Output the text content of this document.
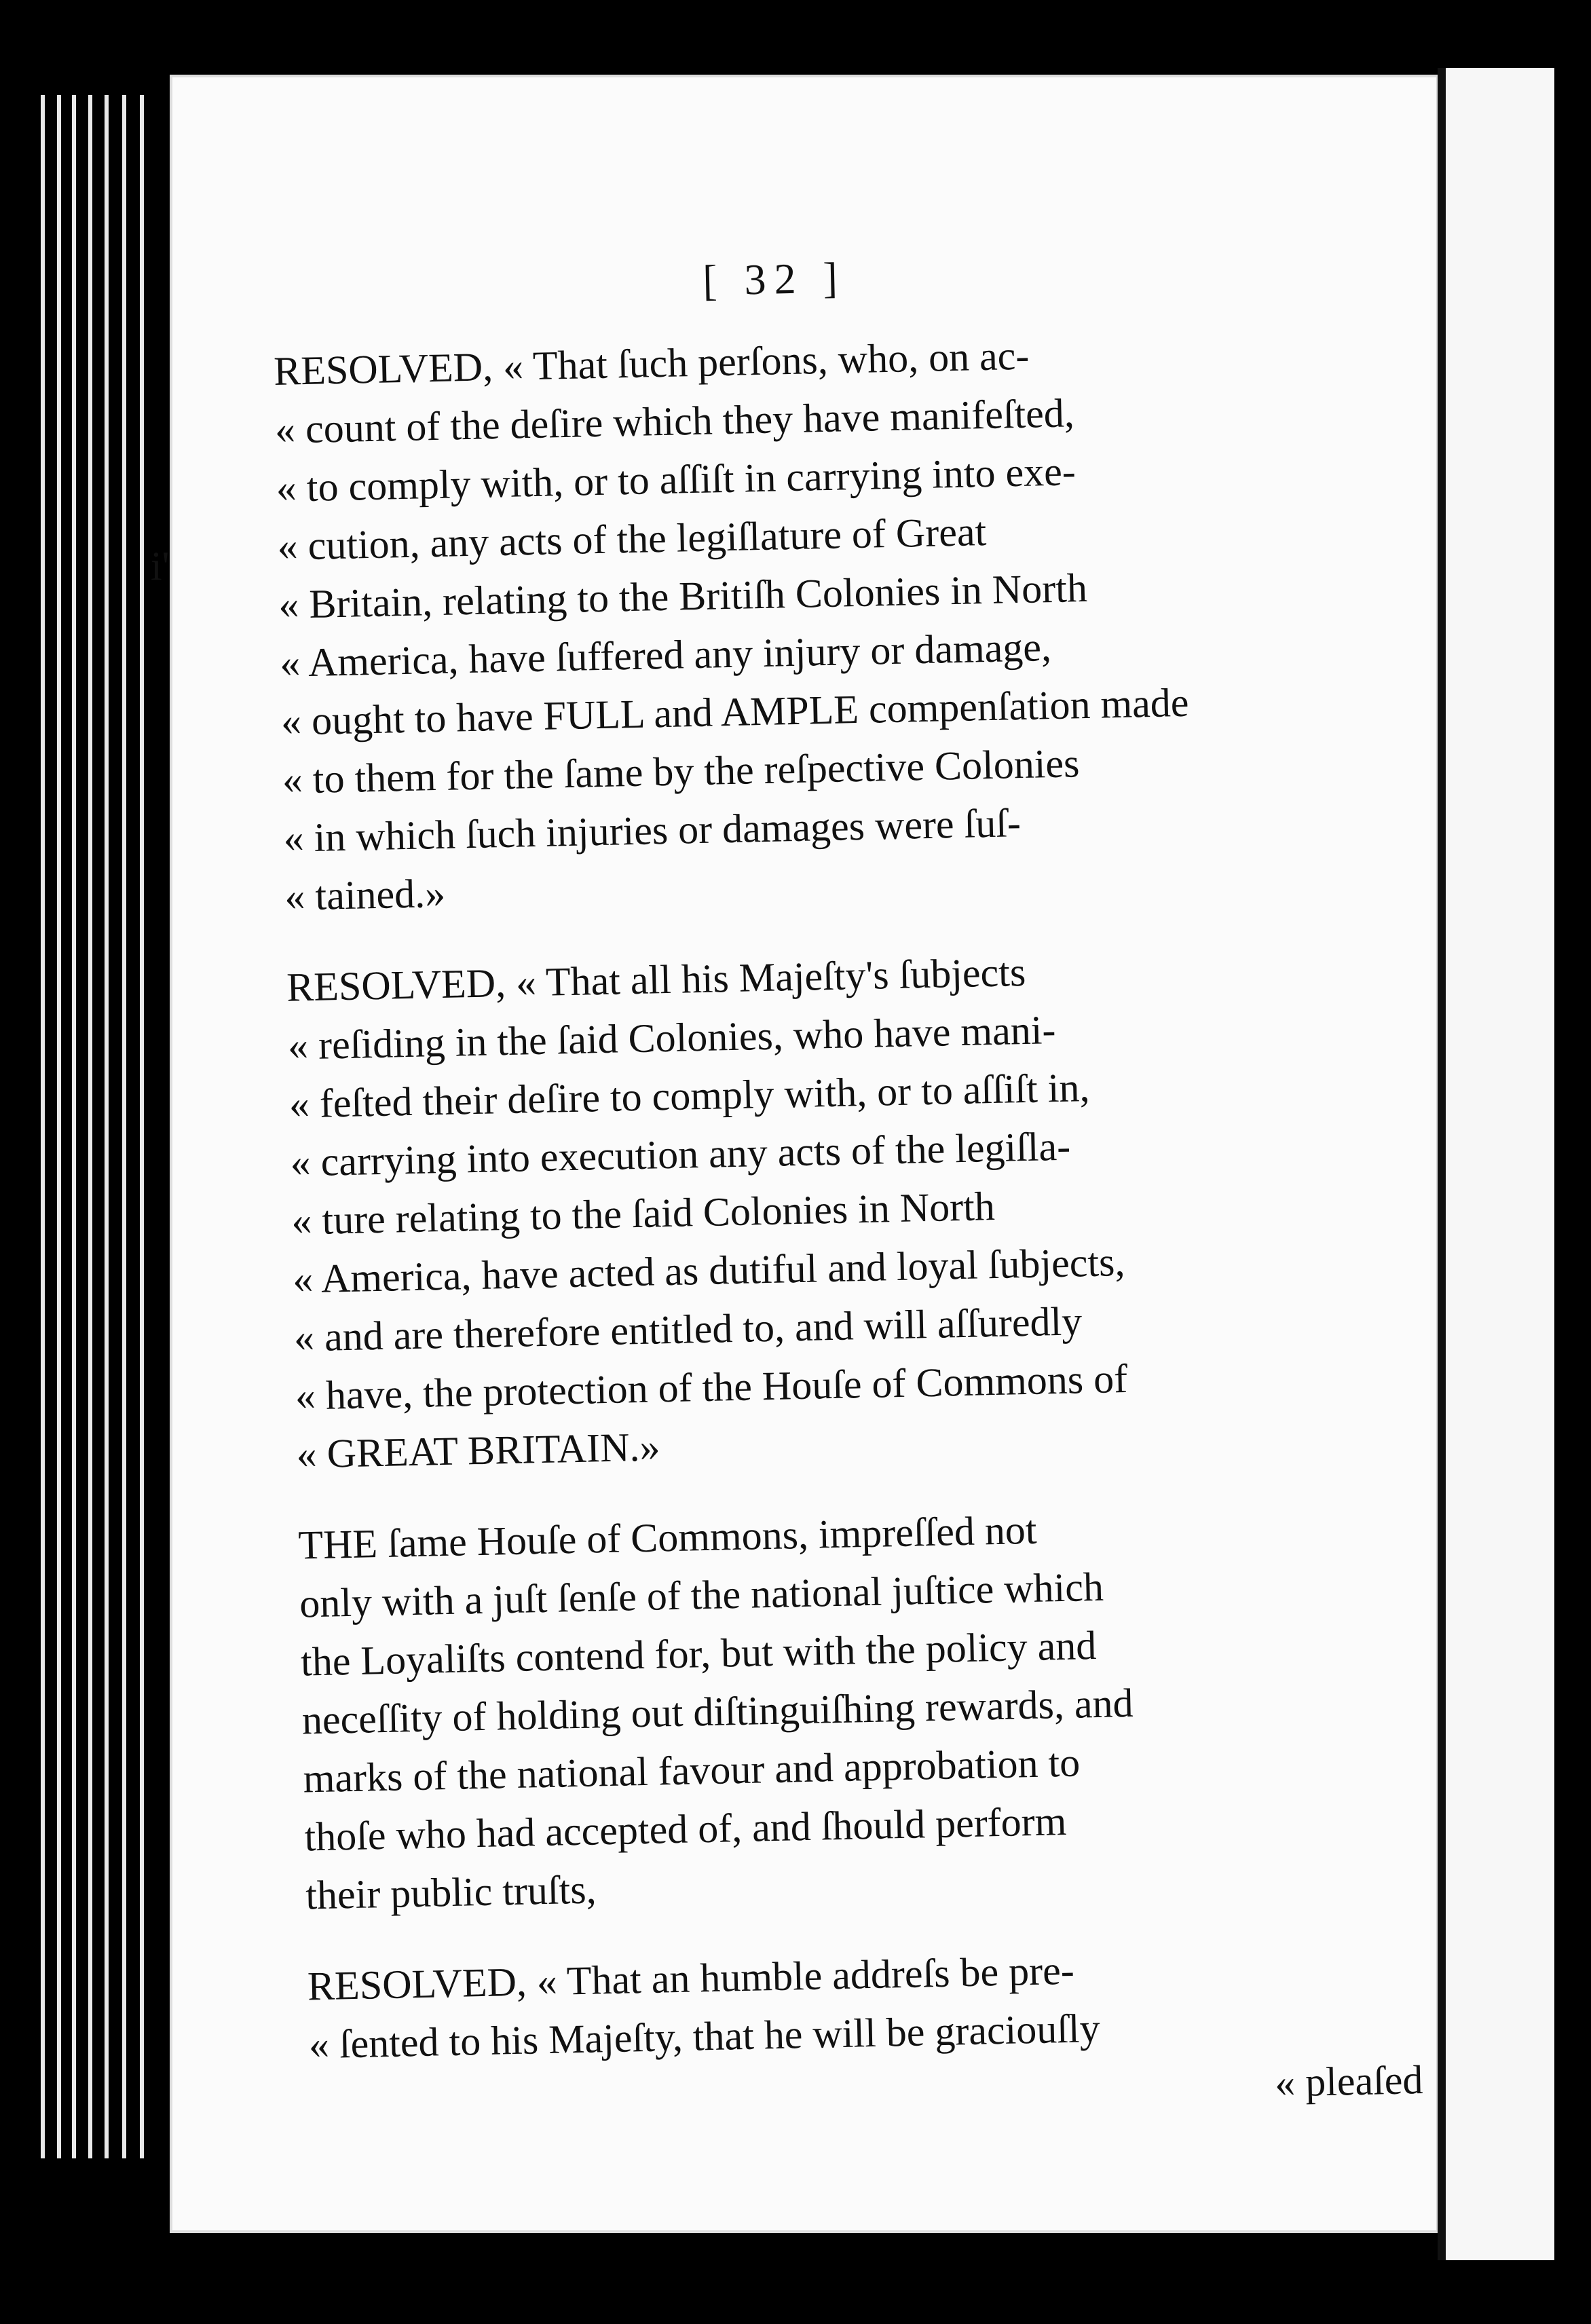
i'
[ 32 ]

RESOLVED, « That ſuch perſons, who, on ac-
« count of the deſire which they have manifeſted,
« to comply with, or to aſſiſt in carrying into exe-
« cution, any acts of the legiſlature of Great
« Britain, relating to the Britiſh Colonies in North
« America, have ſuffered any injury or damage,
« ought to have FULL and AMPLE compenſation made
« to them for the ſame by the reſpective Colonies
« in which ſuch injuries or damages were ſuſ-
« tained.»

RESOLVED, « That all his Majeſty's ſubjects
« reſiding in the ſaid Colonies, who have mani-
« feſted their deſire to comply with, or to aſſiſt in,
« carrying into execution any acts of the legiſla-
« ture relating to the ſaid Colonies in North
« America, have acted as dutiful and loyal ſubjects,
« and are therefore entitled to, and will aſſuredly
« have, the protection of the Houſe of Commons of
« GREAT BRITAIN.»

THE ſame Houſe of Commons, impreſſed not
only with a juſt ſenſe of the national juſtice which
the Loyaliſts contend for, but with the policy and
neceſſity of holding out diſtinguiſhing rewards, and
marks of the national favour and approbation to
thoſe who had accepted of, and ſhould perform
their public truſts,

RESOLVED, « That an humble addreſs be pre-
« ſented to his Majeſty, that he will be graciouſly
« pleaſed
